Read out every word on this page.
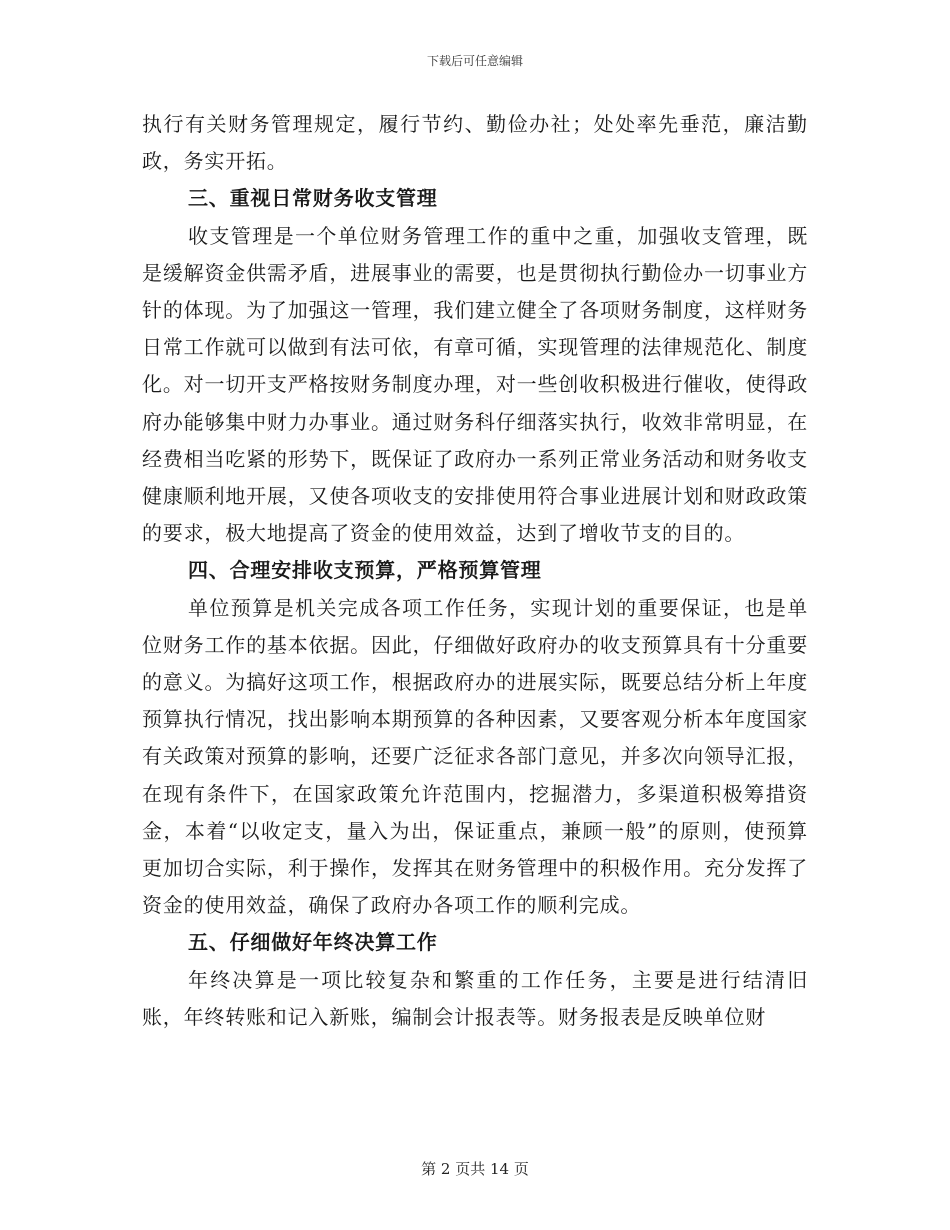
下载后可任意编辑

执行有关财务管理规定，履行节约、勤俭办社；处处率先垂范，廉洁勤政，务实开拓。

三、重视日常财务收支管理

收支管理是一个单位财务管理工作的重中之重，加强收支管理，既是缓解资金供需矛盾，进展事业的需要，也是贯彻执行勤俭办一切事业方针的体现。为了加强这一管理，我们建立健全了各项财务制度，这样财务日常工作就可以做到有法可依，有章可循，实现管理的法律规范化、制度化。对一切开支严格按财务制度办理，对一些创收积极进行催收，使得政府办能够集中财力办事业。通过财务科仔细落实执行，收效非常明显，在经费相当吃紧的形势下，既保证了政府办一系列正常业务活动和财务收支健康顺利地开展，又使各项收支的安排使用符合事业进展计划和财政政策的要求，极大地提高了资金的使用效益，达到了增收节支的目的。

四、合理安排收支预算，严格预算管理

单位预算是机关完成各项工作任务，实现计划的重要保证，也是单位财务工作的基本依据。因此，仔细做好政府办的收支预算具有十分重要的意义。为搞好这项工作，根据政府办的进展实际，既要总结分析上年度预算执行情况，找出影响本期预算的各种因素，又要客观分析本年度国家有关政策对预算的影响，还要广泛征求各部门意见，并多次向领导汇报，在现有条件下，在国家政策允许范围内，挖掘潜力，多渠道积极筹措资金，本着“以收定支，量入为出，保证重点，兼顾一般”的原则，使预算更加切合实际，利于操作，发挥其在财务管理中的积极作用。充分发挥了资金的使用效益，确保了政府办各项工作的顺利完成。

五、仔细做好年终决算工作

年终决算是一项比较复杂和繁重的工作任务，主要是进行结清旧账，年终转账和记入新账，编制会计报表等。财务报表是反映单位财

第 2 页共 14 页
